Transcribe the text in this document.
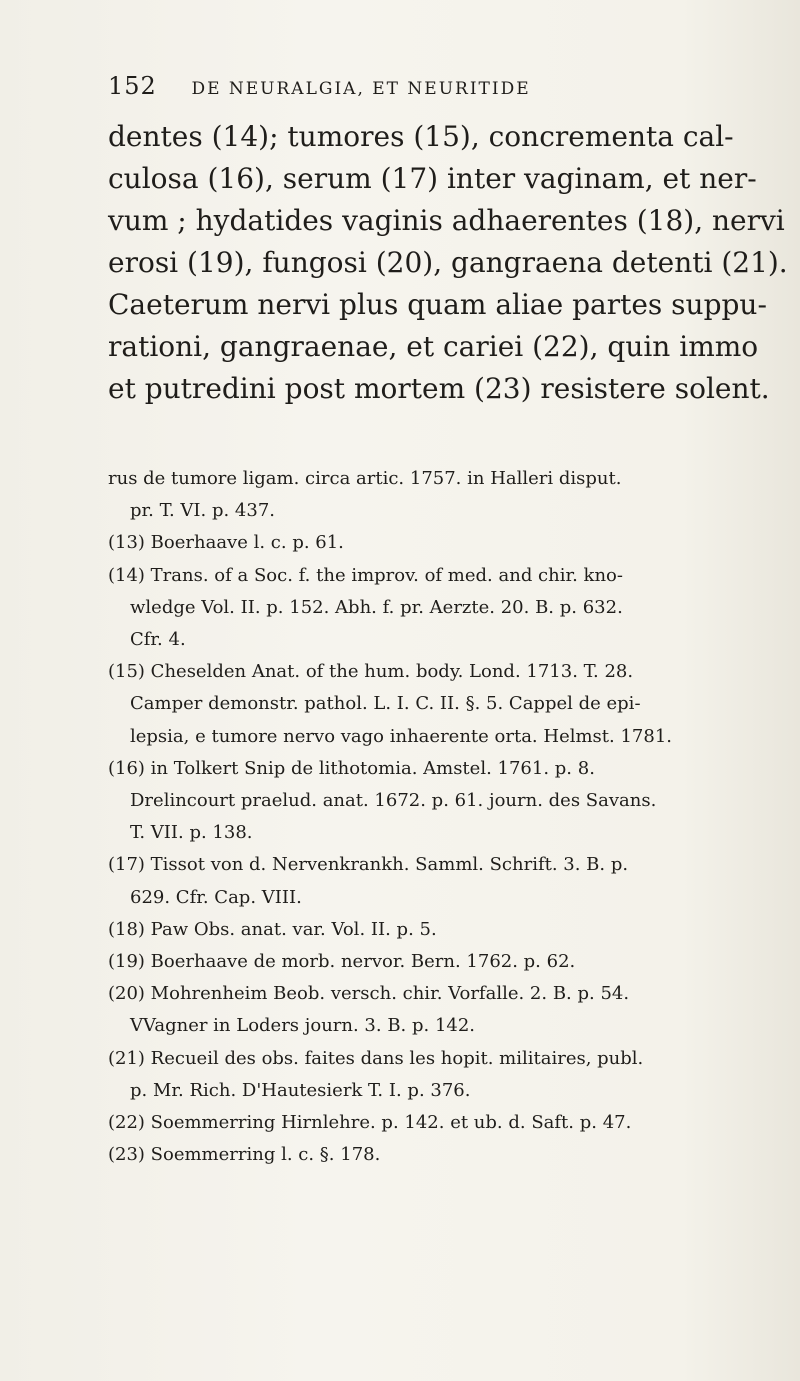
152 DE NEURALGIA, ET NEURITIDE
dentes (14); tumores (15), concrementa cal-
culosa (16), serum (17) inter vaginam, et ner-
vum ; hydatides vaginis adhaerentes (18), nervi
erosi (19), fungosi (20), gangraena detenti (21).
Caeterum nervi plus quam aliae partes suppu-
rationi, gangraenae, et cariei (22), quin immo
et putredini post mortem (23) resistere solent.
rus de tumore ligam. circa artic. 1757. in Halleri disput.
pr. T. VI. p. 437.
(13) Boerhaave l. c. p. 61.
(14) Trans. of a Soc. f. the improv. of med. and chir. kno-
wledge Vol. II. p. 152. Abh. f. pr. Aerzte. 20. B. p. 632.
Cfr. 4.
(15) Cheselden Anat. of the hum. body. Lond. 1713. T. 28.
Camper demonstr. pathol. L. I. C. II. §. 5. Cappel de epi-
lepsia, e tumore nervo vago inhaerente orta. Helmst. 1781.
(16) in Tolkert Snip de lithotomia. Amstel. 1761. p. 8.
Drelincourt praelud. anat. 1672. p. 61. journ. des Savans.
T. VII. p. 138.
(17) Tissot von d. Nervenkrankh. Samml. Schrift. 3. B. p.
629. Cfr. Cap. VIII.
(18) Paw Obs. anat. var. Vol. II. p. 5.
(19) Boerhaave de morb. nervor. Bern. 1762. p. 62.
(20) Mohrenheim Beob. versch. chir. Vorfalle. 2. B. p. 54.
VVagner in Loders journ. 3. B. p. 142.
(21) Recueil des obs. faites dans les hopit. militaires, publ.
p. Mr. Rich. D'Hautesierk T. I. p. 376.
(22) Soemmerring Hirnlehre. p. 142. et ub. d. Saft. p. 47.
(23) Soemmerring l. c. §. 178.
